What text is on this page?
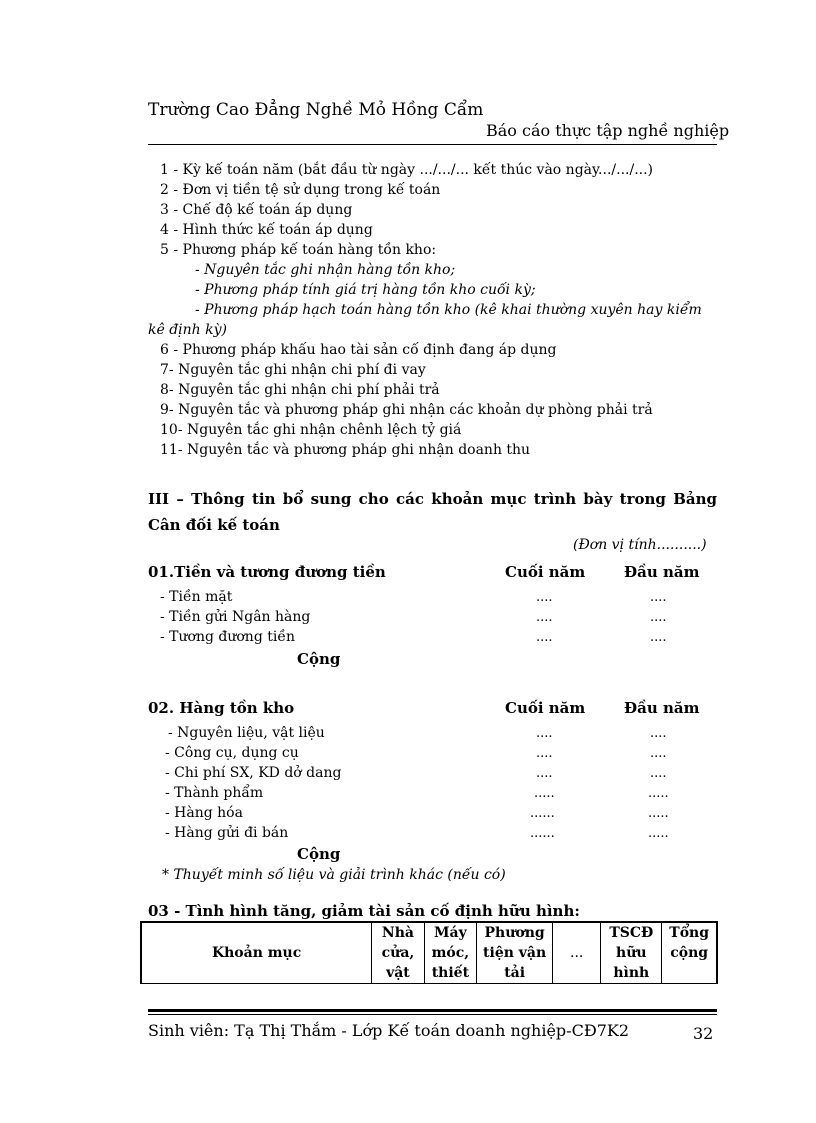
Trường Cao Đẳng Nghề Mỏ Hồng Cẩm
Báo cáo thực tập nghề nghiệp
1 - Kỳ kế toán năm (bắt đầu từ ngày .../.../... kết thúc vào ngày.../.../...)
2 - Đơn vị tiền tệ sử dụng trong kế toán
3 - Chế độ kế toán áp dụng
4 - Hình thức kế toán áp dụng
5 - Phương pháp kế toán hàng tồn kho:
- Nguyên tắc ghi nhận hàng tồn kho;
- Phương pháp tính giá trị hàng tồn kho cuối kỳ;
- Phương pháp hạch toán hàng tồn kho (kê khai thường xuyên hay kiểm
kê định kỳ)
6 - Phương pháp khấu hao tài sản cố định đang áp dụng
7- Nguyên tắc ghi nhận chi phí đi vay
8- Nguyên tắc ghi nhận chi phí phải trả
9- Nguyên tắc và phương pháp ghi nhận các khoản dự phòng phải trả
10- Nguyên tắc ghi nhận chênh lệch tỷ giá
11- Nguyên tắc và phương pháp ghi nhận doanh thu
III – Thông tin bổ sung cho các khoản mục trình bày trong Bảng Cân đối kế toán
(Đơn vị tính..........)
01.Tiền và tương đương tiền	Cuối năm	Đầu năm
- Tiền mặt	....	....
- Tiền gửi Ngân hàng	....	....
- Tương đương tiền	....	....
Cộng
02. Hàng tồn kho	Cuối năm	Đầu năm
- Nguyên liệu, vật liệu	....	....
- Công cụ, dụng cụ	....	....
- Chi phí SX, KD dở dang	....	....
- Thành phẩm	.....	.....
- Hàng hóa	......	.....
- Hàng gửi đi bán	......	.....
Cộng
* Thuyết minh số liệu và giải trình khác (nếu có)
03 - Tình hình tăng, giảm tài sản cố định hữu hình:
Khoản mục	Nhà cửa, vật	Máy móc, thiết	Phương tiện vận tải	...	TSCĐ hữu hình	Tổng cộng
Sinh viên: Tạ Thị Thắm - Lớp Kế toán doanh nghiệp-CĐ7K2	32
